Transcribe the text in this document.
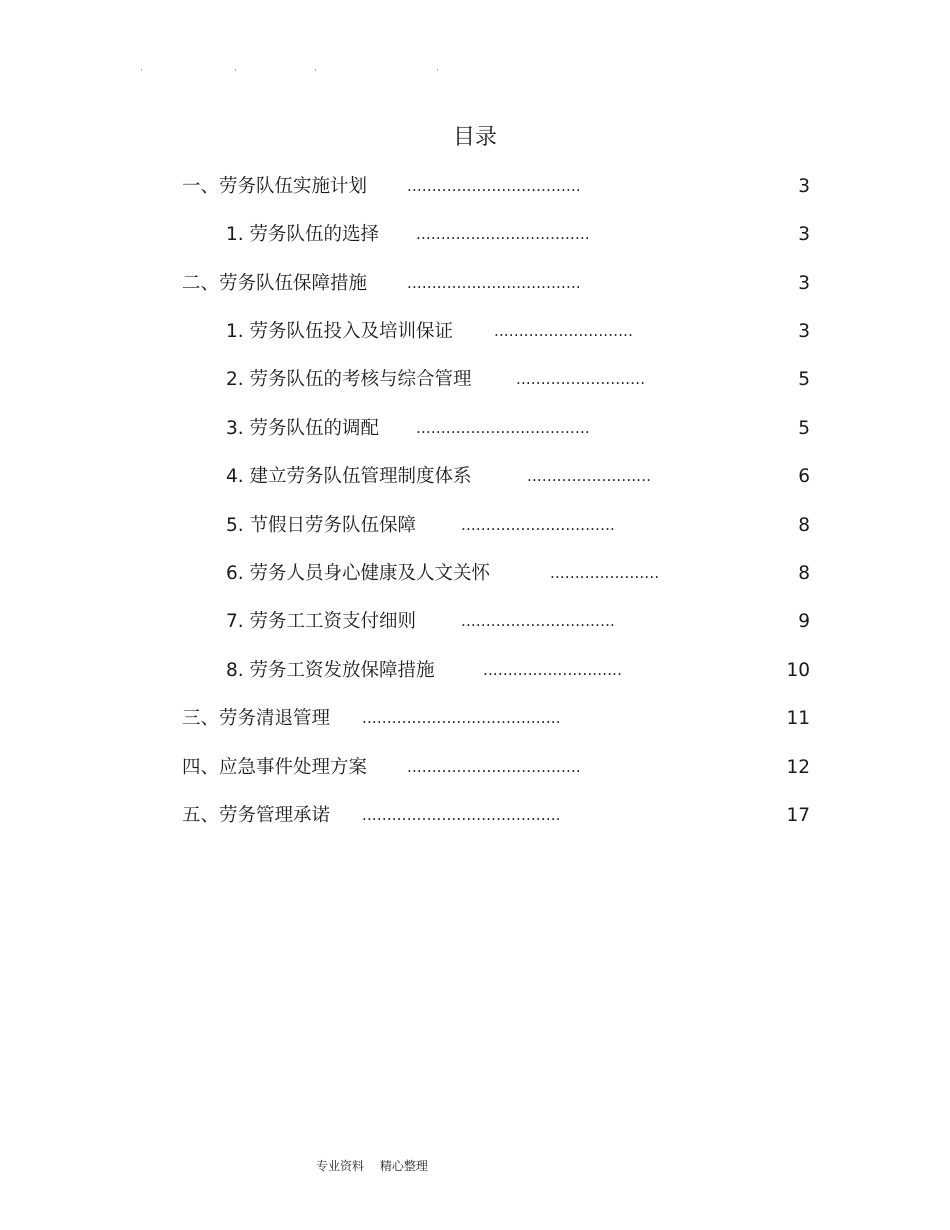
·	·	·	·
目录
一、劳务队伍实施计划	...................................	3
1. 劳务队伍的选择 ...................................	3
二、劳务队伍保障措施	...................................	3
1. 劳务队伍投入及培训保证	............................	3
2. 劳务队伍的考核与综合管理	..........................	5
3. 劳务队伍的调配 ...................................	5
4. 建立劳务队伍管理制度体系	.........................	6
5. 节假日劳务队伍保障	...............................	8
6. 劳务人员身心健康及人文关怀	......................	8
7. 劳务工工资支付细则	...............................	9
8. 劳务工资发放保障措施	............................	10
三、劳务清退管理 ........................................	11
四、应急事件处理方案	...................................	12
五、劳务管理承诺 ........................................	17
专业资料 精心整理
